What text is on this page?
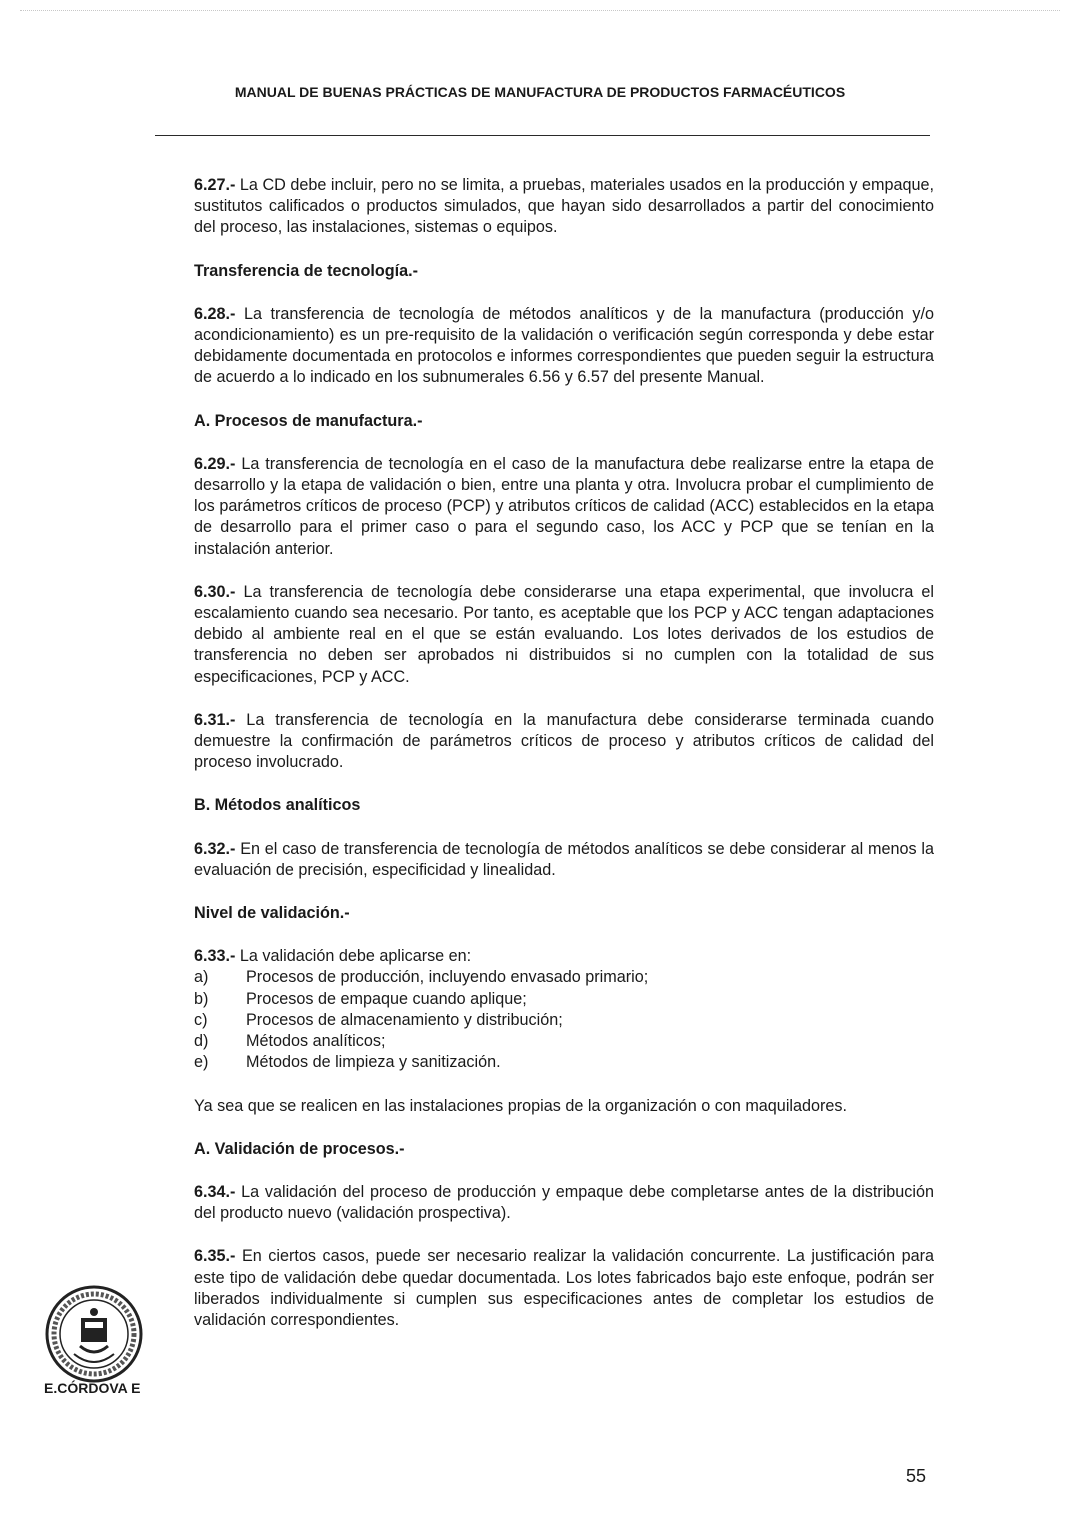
MANUAL DE BUENAS PRÁCTICAS DE MANUFACTURA DE PRODUCTOS FARMACÉUTICOS

6.27.- La CD debe incluir, pero no se limita, a pruebas, materiales usados en la producción y empaque, sustitutos calificados o productos simulados, que hayan sido desarrollados a partir del conocimiento del proceso, las instalaciones, sistemas o equipos.

Transferencia de tecnología.-

6.28.- La transferencia de tecnología de métodos analíticos y de la manufactura (producción y/o acondicionamiento) es un pre-requisito de la validación o verificación según corresponda y debe estar debidamente documentada en protocolos e informes correspondientes que pueden seguir la estructura de acuerdo a lo indicado en los subnumerales 6.56 y 6.57 del presente Manual.

A. Procesos de manufactura.-

6.29.- La transferencia de tecnología en el caso de la manufactura debe realizarse entre la etapa de desarrollo y la etapa de validación o bien, entre una planta y otra. Involucra probar el cumplimiento de los parámetros críticos de proceso (PCP) y atributos críticos de calidad (ACC) establecidos en la etapa de desarrollo para el primer caso o para el segundo caso, los ACC y PCP que se tenían en la instalación anterior.

6.30.- La transferencia de tecnología debe considerarse una etapa experimental, que involucra el escalamiento cuando sea necesario. Por tanto, es aceptable que los PCP y ACC tengan adaptaciones debido al ambiente real en el que se están evaluando. Los lotes derivados de los estudios de transferencia no deben ser aprobados ni distribuidos si no cumplen con la totalidad de sus especificaciones, PCP y ACC.

6.31.- La transferencia de tecnología en la manufactura debe considerarse terminada cuando demuestre la confirmación de parámetros críticos de proceso y atributos críticos de calidad del proceso involucrado.

B. Métodos analíticos

6.32.- En el caso de transferencia de tecnología de métodos analíticos se debe considerar al menos la evaluación de precisión, especificidad y linealidad.

Nivel de validación.-

6.33.- La validación debe aplicarse en:

a)	Procesos de producción, incluyendo envasado primario;
b)	Procesos de empaque cuando aplique;
c)	Procesos de almacenamiento y distribución;
d)	Métodos analíticos;
e)	Métodos de limpieza y sanitización.

Ya sea que se realicen en las instalaciones propias de la organización o con maquiladores.

A. Validación de procesos.-

6.34.- La validación del proceso de producción y empaque debe completarse antes de la distribución del producto nuevo (validación prospectiva).

6.35.- En ciertos casos, puede ser necesario realizar la validación concurrente. La justificación para este tipo de validación debe quedar documentada. Los lotes fabricados bajo este enfoque, podrán ser liberados individualmente si cumplen sus especificaciones antes de completar los estudios de validación correspondientes.

E.CÓRDOVA E
55
